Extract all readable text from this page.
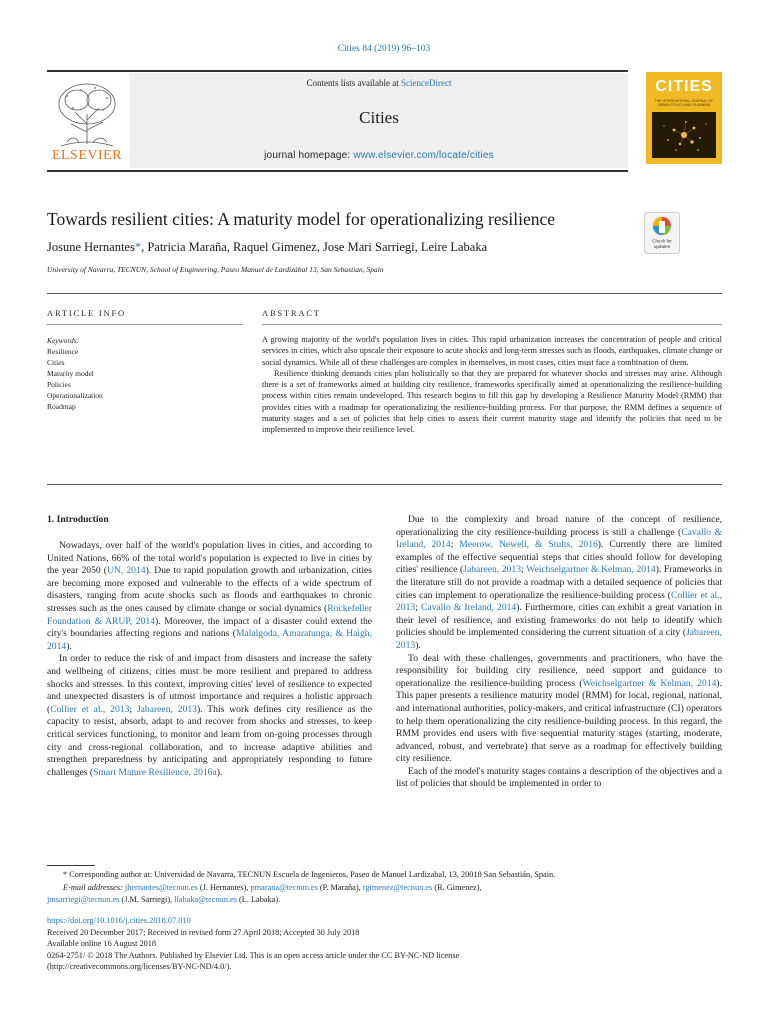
Cities 84 (2019) 96–103
ELSEVIER
Contents lists available at ScienceDirect
Cities
journal homepage: www.elsevier.com/locate/cities
CITIES
THE INTERNATIONAL JOURNAL OF URBAN POLICY AND PLANNING
Towards resilient cities: A maturity model for operationalizing resilience
Josune Hernantes*, Patricia Maraña, Raquel Gimenez, Jose Mari Sarriegi, Leire Labaka
University of Navarra, TECNUN, School of Engineering, Paseo Manuel de Lardizábal 13, San Sebastian, Spain
Check for
updates
ARTICLE INFO	ABSTRACT
Keywords:
Resilience
Cities
Maturity model
Policies
Operationalization
Roadmap

A growing majority of the world's population lives in cities. This rapid urbanization increases the concentration of people and critical services in cities, which also upscale their exposure to acute shocks and long-term stresses such as floods, earthquakes, climate change or social dynamics. While all of these challenges are complex in themselves, in most cases, cities must face a combination of them.

Resilience thinking demands cities plan holistically so that they are prepared for whatever shocks and stresses may arise. Although there is a set of frameworks aimed at building city resilience, frameworks specifically aimed at operationalizing the resilience-building process within cities remain undeveloped. This research begins to fill this gap by developing a Resilience Maturity Model (RMM) that provides cities with a roadmap for operationalizing the resilience-building process. For that purpose, the RMM defines a sequence of maturity stages and a set of policies that help cities to assess their current maturity stage and identify the policies that need to be implemented to improve their resilience level.

1. Introduction

Nowadays, over half of the world's population lives in cities, and according to United Nations, 66% of the total world's population is expected to live in cities by the year 2050 (UN, 2014). Due to rapid population growth and urbanization, cities are becoming more exposed and vulnerable to the effects of a wide spectrum of disasters, ranging from acute shocks such as floods and earthquakes to chronic stresses such as the ones caused by climate change or social dynamics (Rockefeller Foundation & ARUP, 2014). Moreover, the impact of a disaster could extend the city's boundaries affecting regions and nations (Malalgoda, Amaratunga, & Haigh, 2014).

In order to reduce the risk of and impact from disasters and increase the safety and wellbeing of citizens, cities must be more resilient and prepared to address shocks and stresses. In this context, improving cities' level of resilience to expected and unexpected disasters is of utmost importance and requires a holistic approach (Collier et al., 2013; Jabareen, 2013). This work defines city resilience as the capacity to resist, absorb, adapt to and recover from shocks and stresses, to keep critical services functioning, to monitor and learn from on-going processes through city and cross-regional collaboration, and to increase adaptive abilities and strengthen preparedness by anticipating and appropriately responding to future challenges (Smart Mature Resilience, 2016a).

Due to the complexity and broad nature of the concept of resilience, operationalizing the city resilience-building process is still a challenge (Cavallo & Ireland, 2014; Meerow, Newell, & Stults, 2016). Currently there are limited examples of the effective sequential steps that cities should follow for developing cities' resilience (Jabareen, 2013; Weichselgartner & Kelman, 2014). Frameworks in the literature still do not provide a roadmap with a detailed sequence of policies that cities can implement to operationalize the resilience-building process (Collier et al., 2013; Cavallo & Ireland, 2014). Furthermore, cities can exhibit a great variation in their level of resilience, and existing frameworks do not help to identify which policies should be implemented considering the current situation of a city (Jabareen, 2013).

To deal with these challenges, governments and practitioners, who have the responsibility for building city resilience, need support and guidance to operationalize the resilience-building process (Weichselgartner & Kelman, 2014). This paper presents a resilience maturity model (RMM) for local, regional, national, and international authorities, policy-makers, and critical infrastructure (CI) operators to help them operationalizing the city resilience-building process. In this regard, the RMM provides end users with five sequential maturity stages (starting, moderate, advanced, robust, and vertebrate) that serve as a roadmap for effectively building city resilience.

Each of the model's maturity stages contains a description of the objectives and a list of policies that should be implemented in order to

* Corresponding author at: Universidad de Navarra, TECNUN Escuela de Ingenieros, Paseo de Manuel Lardizabal, 13, 20018 San Sebastián, Spain.
E-mail addresses: jhernantes@tecnun.es (J. Hernantes), pmarana@tecnun.es (P. Maraña), rgimenez@tecnun.es (R. Gimenez),
jmsarriegi@tecnun.es (J.M. Sarriegi), llabaka@tecnun.es (L. Labaka).
https://doi.org/10.1016/j.cities.2018.07.010
Received 20 December 2017; Received in revised form 27 April 2018; Accepted 30 July 2018
Available online 16 August 2018
0264-2751/ © 2018 The Authors. Published by Elsevier Ltd. This is an open access article under the CC BY-NC-ND license
(http://creativecommons.org/licenses/BY-NC-ND/4.0/).
